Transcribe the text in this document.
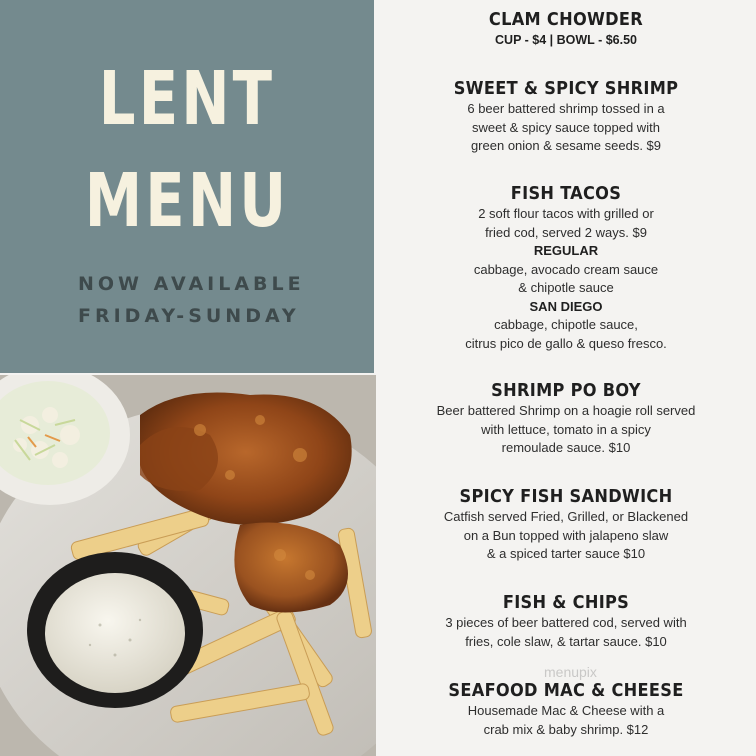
LENT
MENU
NOW AVAILABLE
FRIDAY-SUNDAY
CLAM CHOWDER
CUP - $4 | BOWL - $6.50
SWEET & SPICY SHRIMP
6 beer battered shrimp tossed in a
sweet & spicy sauce topped with
green onion & sesame seeds. $9
FISH TACOS
2 soft flour tacos with grilled or
fried cod, served 2 ways. $9
REGULAR
cabbage, avocado cream sauce
& chipotle sauce
SAN DIEGO
cabbage, chipotle sauce,
citrus pico de gallo & queso fresco.
SHRIMP PO BOY
Beer battered Shrimp on a hoagie roll served
with lettuce, tomato in a spicy
remoulade sauce. $10
SPICY FISH SANDWICH
Catfish served Fried, Grilled, or Blackened
on a Bun topped with jalapeno slaw
& a spiced tarter sauce $10
FISH & CHIPS
3 pieces of beer battered cod, served with
fries, cole slaw, & tartar sauce. $10
SEAFOOD MAC & CHEESE
Housemade Mac & Cheese with a
crab mix & baby shrimp. $12
menupix
